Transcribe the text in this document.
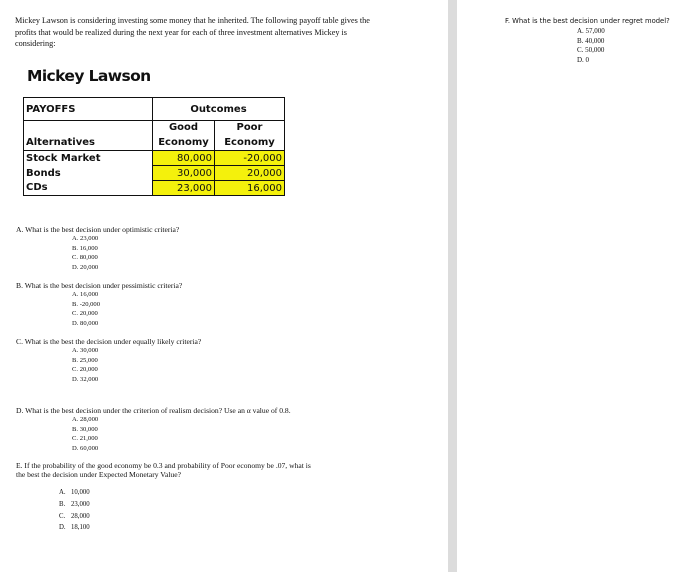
Mickey Lawson is considering investing some money that he inherited. The following payoff table gives the profits that would be realized during the next year for each of three investment alternatives Mickey is considering:
Mickey Lawson
PAYOFFS	Outcomes	
	Good	Poor
Alternatives	Economy	Economy
Stock Market	80,000	-20,000
Bonds	30,000	20,000
CDs	23,000	16,000
A. What is the best decision under optimistic criteria?
A. 23,000
B. 16,000
C. 80,000
D. 20,000
B. What is the best decision under pessimistic criteria?
A. 16,000
B. -20,000
C. 20,000
D. 80,000
C. What is the best the decision under equally likely criteria?
A. 30,000
B. 25,000
C. 20,000
D. 32,000
D. What is the best decision under the criterion of realism decision? Use an α value of 0.8.
A. 28,000
B. 30,000
C. 21,000
D. 60,000
E. If the probability of the good economy be 0.3 and probability of Poor economy be .07, what is
the best the decision under Expected Monetary Value?
A. 10,000
B. 23,000
C. 28,000
D. 18,100
F. What is the best decision under regret model?
A. 57,000
B. 40,000
C. 50,000
D. 0
